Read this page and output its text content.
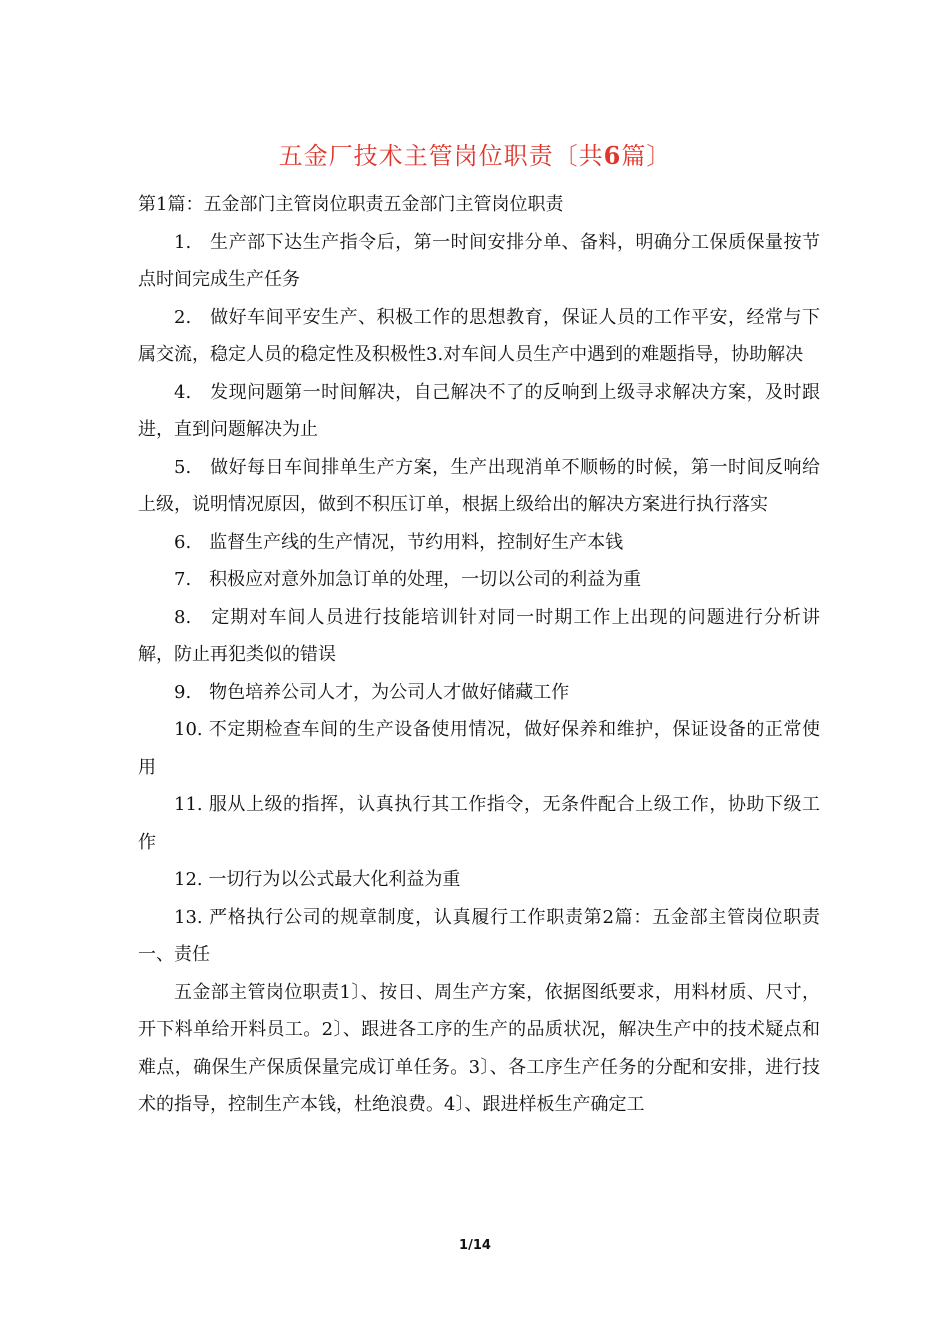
五金厂技术主管岗位职责〔共6篇〕

第1篇：五金部门主管岗位职责五金部门主管岗位职责

1.　生产部下达生产指令后，第一时间安排分单、备料，明确分工保质保量按节点时间完成生产任务

2.　做好车间平安生产、积极工作的思想教育，保证人员的工作平安，经常与下属交流，稳定人员的稳定性及积极性3.对车间人员生产中遇到的难题指导，协助解决

4.　发现问题第一时间解决，自己解决不了的反响到上级寻求解决方案，及时跟进，直到问题解决为止

5.　做好每日车间排单生产方案，生产出现消单不顺畅的时候，第一时间反响给上级，说明情况原因，做到不积压订单，根据上级给出的解决方案进行执行落实

6.　监督生产线的生产情况，节约用料，控制好生产本钱

7.　积极应对意外加急订单的处理，一切以公司的利益为重

8.　定期对车间人员进行技能培训针对同一时期工作上出现的问题进行分析讲解，防止再犯类似的错误

9.　物色培养公司人才，为公司人才做好储藏工作

10. 不定期检查车间的生产设备使用情况，做好保养和维护，保证设备的正常使用

11. 服从上级的指挥，认真执行其工作指令，无条件配合上级工作，协助下级工作

12. 一切行为以公式最大化利益为重

13. 严格执行公司的规章制度，认真履行工作职责第2篇：五金部主管岗位职责一、责任

五金部主管岗位职责1〕、按日、周生产方案，依据图纸要求，用料材质、尺寸，开下料单给开料员工。2〕、跟进各工序的生产的品质状况，解决生产中的技术疑点和难点，确保生产保质保量完成订单任务。3〕、各工序生产任务的分配和安排，进行技术的指导，控制生产本钱，杜绝浪费。4〕、跟进样板生产确定工

1/14
